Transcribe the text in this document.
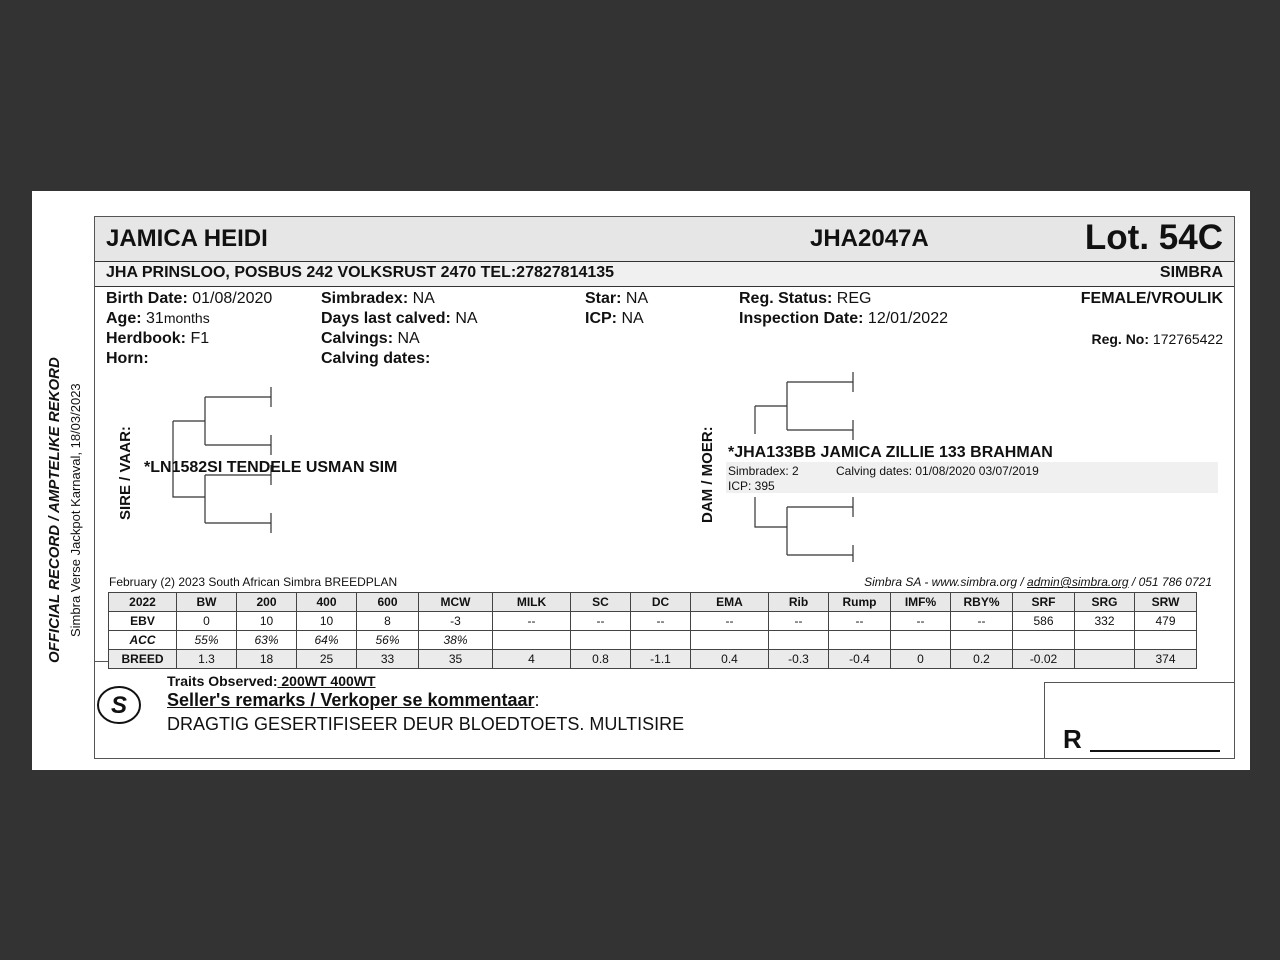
OFFICIAL RECORD / AMPTELIKE REKORD Simbra Verse Jackpot Karnaval, 18/03/2023
JAMICA HEIDI	JHA2047A	Lot. 54C
JHA PRINSLOO, POSBUS 242 VOLKSRUST 2470 TEL:27827814135	SIMBRA
Birth Date: 01/08/2020
Age: 31months
Herdbook: F1
Horn:
Simbradex: NA
Days last calved: NA
Calvings: NA
Calving dates:
Star: NA
ICP: NA
Reg. Status: REG
Inspection Date: 12/01/2022
FEMALE/VROULIK
Reg. No: 172765422
SIRE / VAAR: *LN1582SI TENDELE USMAN SIM	DAM / MOER: *JHA133BB JAMICA ZILLIE 133 BRAHMAN
Simbradex: 2	Calving dates: 01/08/2020 03/07/2019
ICP: 395
February (2) 2023 South African Simbra BREEDPLAN	Simbra SA - www.simbra.org / admin@simbra.org / 051 786 0721
S
Traits Observed: 200WT 400WT
Seller's remarks / Verkoper se kommentaar:
DRAGTIG GESERTIFISEER DEUR BLOEDTOETS. MULTISIRE	R
2022	BW	200	400	600	MCW	MILK	SC	DC	EMA	Rib	Rump	IMF%	RBY%	SRF	SRG	SRW
EBV	0	10	10	8	-3	--	--	--	--	--	--	--	--	586	332	479
ACC	55%	63%	64%	56%	38%											
BREED	1.3	18	25	33	35	4	0.8	-1.1	0.4	-0.3	-0.4	0	0.2	-0.02		374
